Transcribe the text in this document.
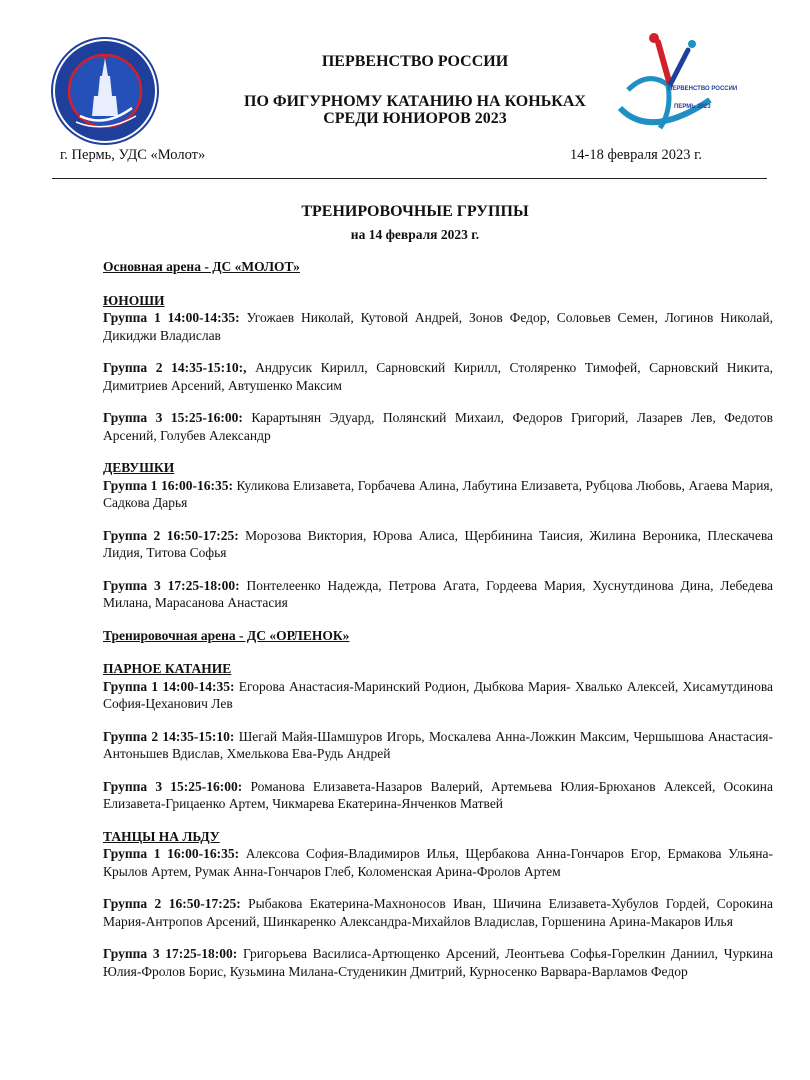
ПЕРВЕНСТВО РОССИИ
ПЕРМЬ 2023
ПЕРВЕНСТВО РОССИИ
ПО ФИГУРНОМУ КАТАНИЮ НА КОНЬКАХ
СРЕДИ ЮНИОРОВ 2023
г. Пермь, УДС «Молот»	14-18 февраля 2023 г.
ТРЕНИРОВОЧНЫЕ ГРУППЫ
на 14 февраля 2023 г.
Основная арена - ДС «МОЛОТ»
ЮНОШИ
Группа 1 14:00-14:35: Угожаев Николай, Кутовой Андрей, Зонов Федор, Соловьев Семен, Логинов Николай, Дикиджи Владислав
Группа 2 14:35-15:10:, Андрусик Кирилл, Сарновский Кирилл, Столяренко Тимофей, Сарновский Никита, Димитриев Арсений, Автушенко Максим
Группа 3 15:25-16:00: Карартынян Эдуард, Полянский Михаил, Федоров Григорий, Лазарев Лев, Федотов Арсений, Голубев Александр
ДЕВУШКИ
Группа 1 16:00-16:35: Куликова Елизавета, Горбачева Алина, Лабутина Елизавета, Рубцова Любовь, Агаева Мария, Садкова Дарья
Группа 2 16:50-17:25: Морозова Виктория, Юрова Алиса, Щербинина Таисия, Жилина Вероника, Плескачева Лидия, Титова Софья
Группа 3 17:25-18:00: Понтелеенко Надежда, Петрова Агата, Гордеева Мария, Хуснутдинова Дина, Лебедева Милана, Марасанова Анастасия
Тренировочная арена - ДС «ОРЛЕНОК»
ПАРНОЕ КАТАНИЕ
Группа 1 14:00-14:35: Егорова Анастасия-Маринский Родион, Дыбкова Мария- Хвалько Алексей, Хисамутдинова София-Цеханович Лев
Группа 2 14:35-15:10: Шегай Майя-Шамшуров Игорь, Москалева Анна-Ложкин Максим, Чершышова Анастасия-Антоньшев Вдислав, Хмелькова Ева-Рудь Андрей
Группа 3 15:25-16:00: Романова Елизавета-Назаров Валерий, Артемьева Юлия-Брюханов Алексей, Осокина Елизавета-Грицаенко Артем, Чикмарева Екатерина-Янченков Матвей
ТАНЦЫ НА ЛЬДУ
Группа 1 16:00-16:35: Алексова София-Владимиров Илья, Щербакова Анна-Гончаров Егор, Ермакова Ульяна-Крылов Артем, Румак Анна-Гончаров Глеб, Коломенская Арина-Фролов Артем
Группа 2 16:50-17:25: Рыбакова Екатерина-Махноносов Иван, Шичина Елизавета-Хубулов Гордей, Сорокина Мария-Антропов Арсений, Шинкаренко Александра-Михайлов Владислав, Горшенина Арина-Макаров Илья
Группа 3 17:25-18:00: Григорьева Василиса-Артющенко Арсений, Леонтьева Софья-Горелкин Даниил, Чуркина Юлия-Фролов Борис, Кузьмина Милана-Студеникин Дмитрий, Курносенко Варвара-Варламов Федор
